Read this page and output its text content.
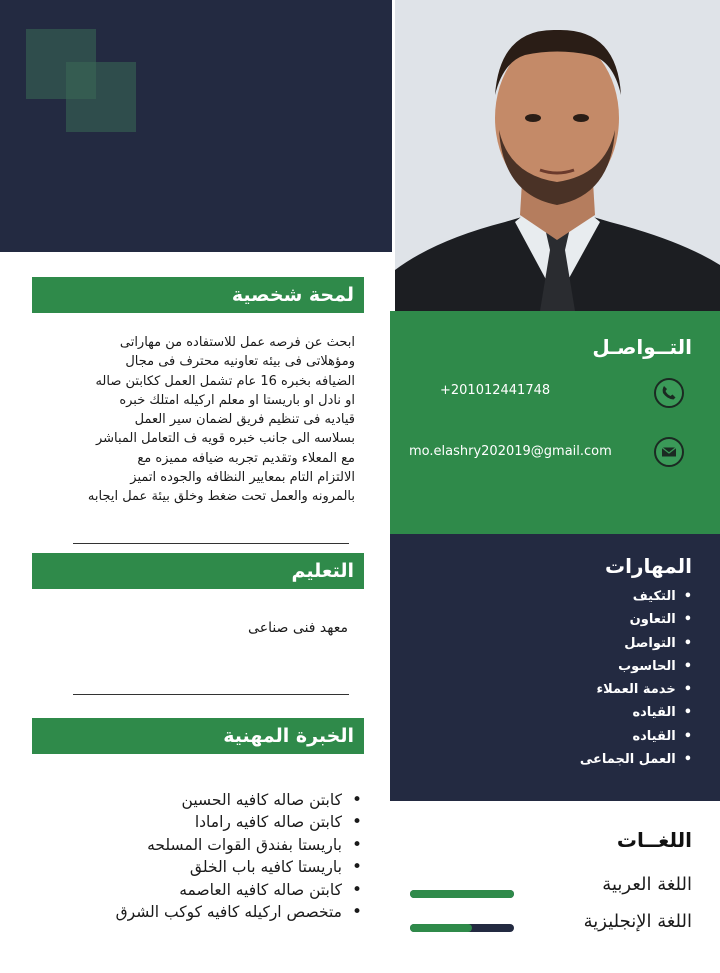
لمحة شخصية
ابحث عن فرصه عمل للاستفاده من مهاراتى
ومؤهلاتى فى بيئه تعاونيه محترف فى مجال
الضيافه بخبره 16 عام تشمل العمل ككابتن صاله
او نادل او باريستا او معلم اركيله امتلك خبره
قياديه فى تنظيم فريق لضمان سير العمل
بسلاسه الى جانب خبره قويه ف التعامل المباشر
مع المعلاء وتقديم تجربه ضيافه مميزه مع
الالتزام التام بمعايير النظافه والجوده اتميز
بالمرونه والعمل تحت ضغط وخلق بيئة عمل ايجابه
التعليم
معهد فنى صناعى
الخبرة المهنية
• كابتن صاله كافيه الحسين
• كابتن صاله كافيه رامادا
• باريستا بفندق القوات المسلحه
• باريستا كافيه باب الخلق
• كابتن صاله كافيه العاصمه
• متخصص اركيله كافيه كوكب الشرق
التــواصـل
+201012441748
mo.elashry202019@gmail.com
المهارات
• التكيف
• التعاون
• التواصل
• الحاسوب
• خدمة العملاء
• القياده
• القياده
• العمل الجماعى
اللغــات
اللغة العربية
اللغة الإنجليزية
